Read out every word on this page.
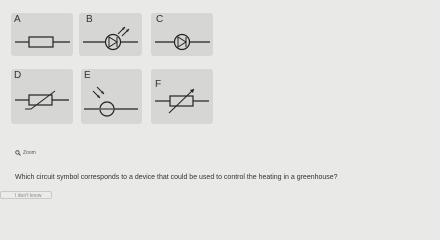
A	B	C
D	E
F
Zoom
Which circuit symbol corresponds to a device that could be used to control the heating in a greenhouse?
I don't know
